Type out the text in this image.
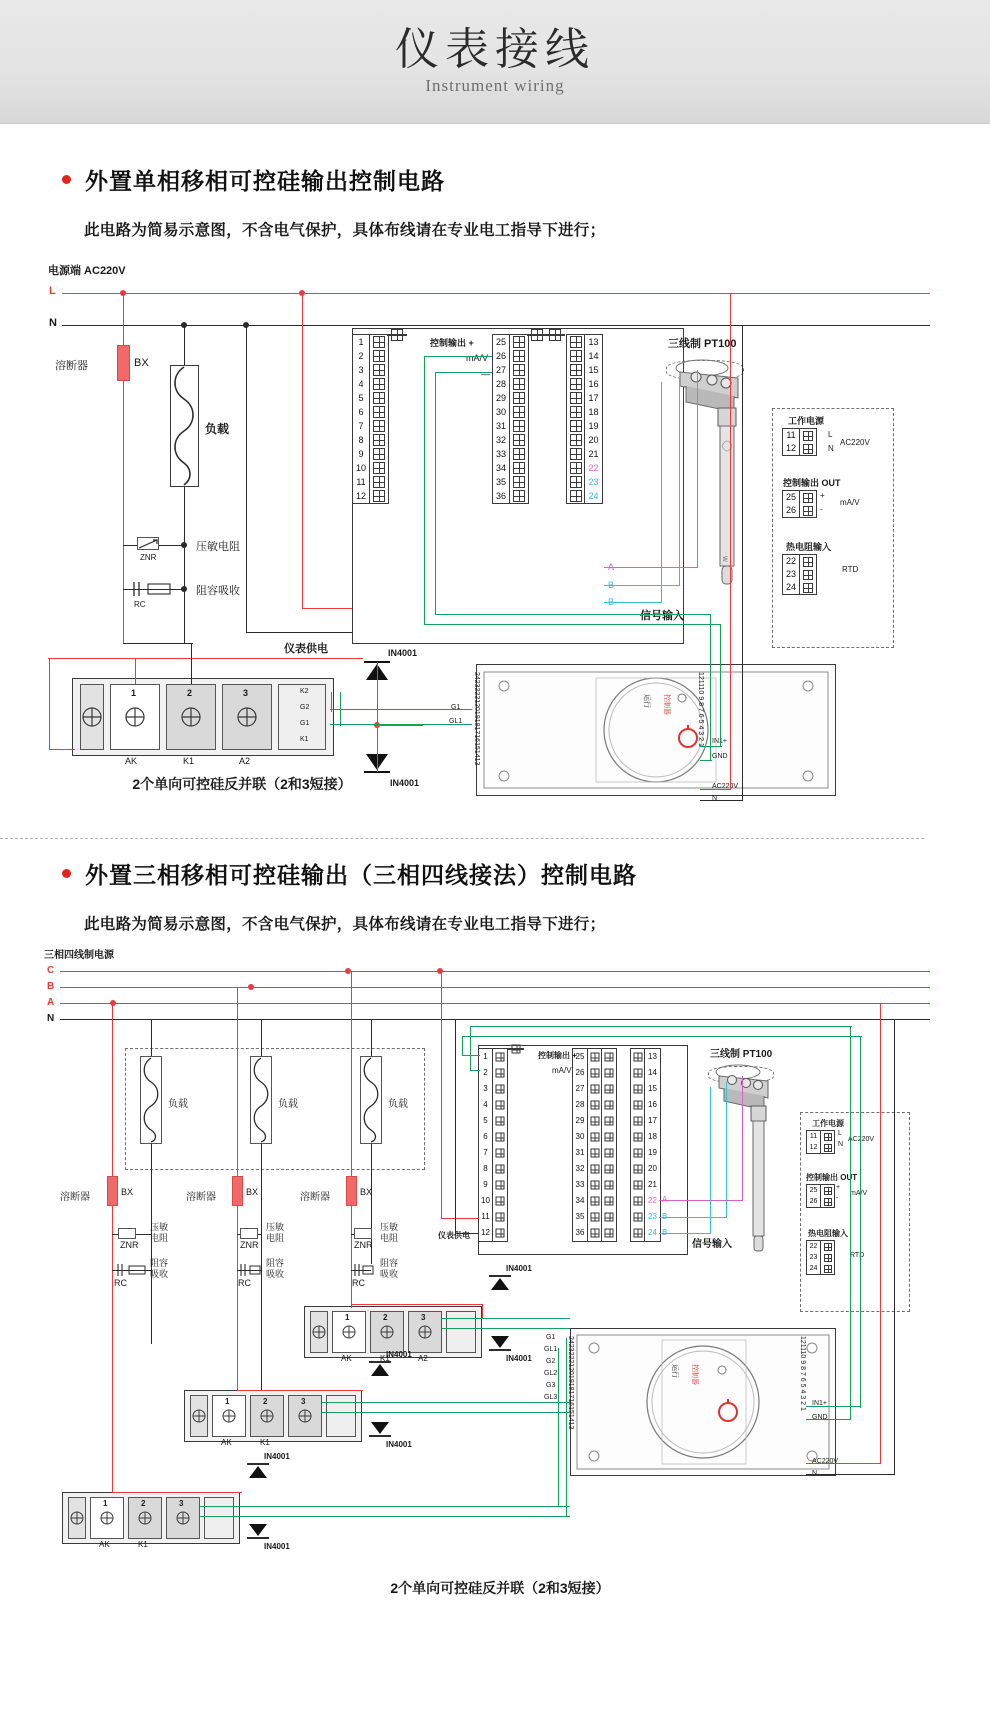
仪表接线
Instrument wiring
外置单相移相可控硅输出控制电路
此电路为简易示意图，不含电气保护，具体布线请在专业电工指导下进行；
电源端 AC220V
L
N
溶断器	BX
负载
压敏电阻
ZNR
阻容吸收
RC
仪表供电
1
2
3
4
5
6
7
8
9
10
11
12
25
26
27
28
29
30
31
32
33
34
35
36
13
14
15
16
17
18
19
20
21
22
23
24
控制输出 +
mA/V
—
A
B
B
信号输入
三线制 PT100
w
工作电源
L
N
AC220V
11
12
控制输出 OUT
25
26
+
-
mA/V
热电阻输入
22
23
24
RTD
1	2	3
AK	K1	A2
K2
G2
G1
K1
2个单向可控硅反并联（2和3短接）
IN4001
IN4001
运行 控制器
242322212019181716151413	121110 9 8 7 6 5 4 3 2 1 IN1+
GND
AC220V
N
G1
GL1
外置三相移相可控硅输出（三相四线接法）控制电路
此电路为简易示意图，不含电气保护，具体布线请在专业电工指导下进行；
三相四线制电源
C
B
A
N
负载	负载	负载
溶断器	BX	溶断器	BX	溶断器	BX
ZNR
压敏电阻
RC
阻容吸收
ZNR
压敏电阻
RC
阻容吸收
ZNR
压敏电阻
RC
阻容吸收
1
2
3
4
5
6
7
8
9
10
11
12
25
26
27
28
29
30
31
32
33
34
35
36
13
14
15
16
17
18
19
20
21
22
23
24
控制输出 +
mA/V
仪表供电
A
B
B
信号输入
三线制 PT100
工作电源
11
12
L
N
AC220V
控制输出 OUT
25
26
+
-
mA/V
热电阻输入
22
23
24
RTD
1	2	3
AK	K1	A2
1	2	3
AK	K1
1	2	3
AK	K1
IN4001
IN4001
IN4001
IN4001
IN4001
IN4001
运行 控制器
242322212019181716151413	121110 9 8 7 6 5 4 3 2 1 IN1+
GND
AC220V
N
G1
GL1
G2
GL2
G3
GL3
2个单向可控硅反并联（2和3短接）
